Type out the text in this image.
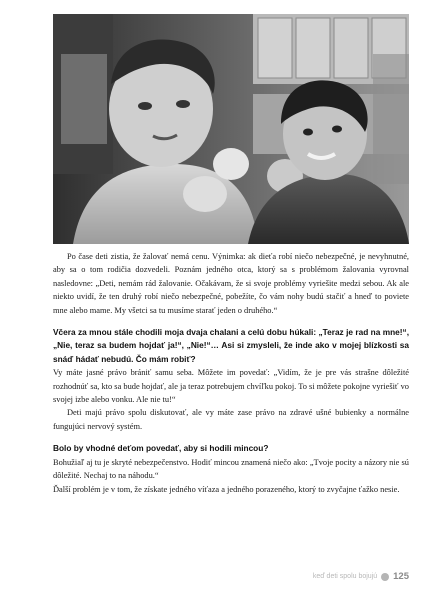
Po čase deti zistia, že žalovať nemá cenu. Výnimka: ak dieťa robí niečo nebezpečné, je nevyhnutné, aby sa o tom rodičia dozvedeli. Poznám jedného otca, ktorý sa s problémom žalovania vyrovnal nasledovne: „Deti, nemám rád žalovanie. Očakávam, že si svoje problémy vyriešite medzi sebou. Ak ale niekto uvidí, že ten druhý robí niečo nebezpečné, pobežíte, čo vám nohy budú stačiť a hneď to poviete mne alebo mame. My všetci sa tu musíme starať jeden o druhého.“

Včera za mnou stále chodili moja dvaja chalani a celú dobu húkali: „Teraz je rad na mne!“, „Nie, teraz sa budem hojdať ja!“, „Nie!“… Asi si zmysleli, že inde ako v mojej blízkosti sa snáď hádať nebudú. Čo mám robiť?

Vy máte jasné právo brániť samu seba. Môžete im povedať: „Vidím, že je pre vás strašne dôležité rozhodnúť sa, kto sa bude hojdať, ale ja teraz potrebujem chvíľku pokoj. To si môžete pokojne vyriešiť vo svojej izbe alebo vonku. Ale nie tu!“

Deti majú právo spolu diskutovať, ale vy máte zase právo na zdravé ušné bubienky a normálne fungujúci nervový systém.

Bolo by vhodné deťom povedať, aby si hodili mincou?

Bohužiaľ aj tu je skryté nebezpečenstvo. Hodiť mincou znamená niečo ako: „Tvoje pocity a názory nie sú dôležité. Nechaj to na náhodu.“

Ďalší problém je v tom, že získate jedného víťaza a jedného porazeného, ktorý to zvyčajne ťažko nesie.

keď deti spolu bojujú 125
